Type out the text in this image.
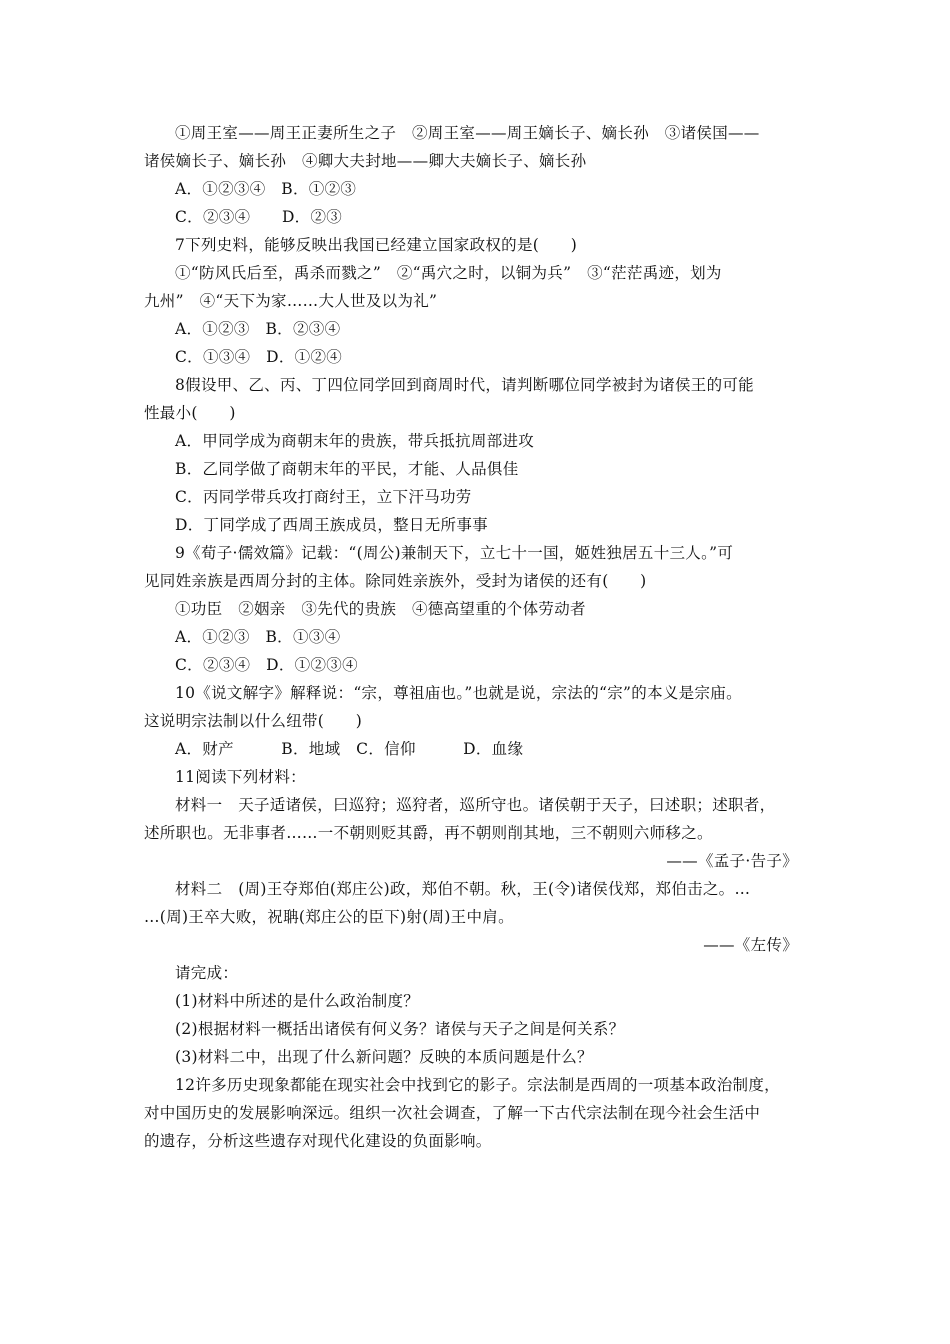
①周王室——周王正妻所生之子　②周王室——周王嫡长子、嫡长孙　③诸侯国——
诸侯嫡长子、嫡长孙　④卿大夫封地——卿大夫嫡长子、嫡长孙
A．①②③④　B．①②③
C．②③④　　D．②③
7下列史料，能够反映出我国已经建立国家政权的是(　　)
①“防风氏后至，禹杀而戮之”　②“禹穴之时，以铜为兵”　③“茫茫禹迹，划为
九州”　④“天下为家……大人世及以为礼”
A．①②③　B．②③④
C．①③④　D．①②④
8假设甲、乙、丙、丁四位同学回到商周时代，请判断哪位同学被封为诸侯王的可能
性最小(　　)
A．甲同学成为商朝末年的贵族，带兵抵抗周部进攻
B．乙同学做了商朝末年的平民，才能、人品俱佳
C．丙同学带兵攻打商纣王，立下汗马功劳
D．丁同学成了西周王族成员，整日无所事事
9《荀子·儒效篇》记载：“(周公)兼制天下，立七十一国，姬姓独居五十三人。”可
见同姓亲族是西周分封的主体。除同姓亲族外，受封为诸侯的还有(　　)
①功臣　②姻亲　③先代的贵族　④德高望重的个体劳动者
A．①②③　B．①③④
C．②③④　D．①②③④
10《说文解字》解释说：“宗，尊祖庙也。”也就是说，宗法的“宗”的本义是宗庙。
这说明宗法制以什么纽带(　　)
A．财产　　　B．地域　C．信仰　　　D．血缘
11阅读下列材料：
材料一　天子适诸侯，曰巡狩；巡狩者，巡所守也。诸侯朝于天子，曰述职；述职者，
述所职也。无非事者……一不朝则贬其爵，再不朝则削其地，三不朝则六师移之。
——《孟子·告子》
材料二　(周)王夺郑伯(郑庄公)政，郑伯不朝。秋，王(令)诸侯伐郑，郑伯击之。…
…(周)王卒大败，祝聃(郑庄公的臣下)射(周)王中肩。
——《左传》
请完成：
(1)材料中所述的是什么政治制度？
(2)根据材料一概括出诸侯有何义务？诸侯与天子之间是何关系？
(3)材料二中，出现了什么新问题？反映的本质问题是什么？
12许多历史现象都能在现实社会中找到它的影子。宗法制是西周的一项基本政治制度，
对中国历史的发展影响深远。组织一次社会调查，了解一下古代宗法制在现今社会生活中
的遗存，分析这些遗存对现代化建设的负面影响。
